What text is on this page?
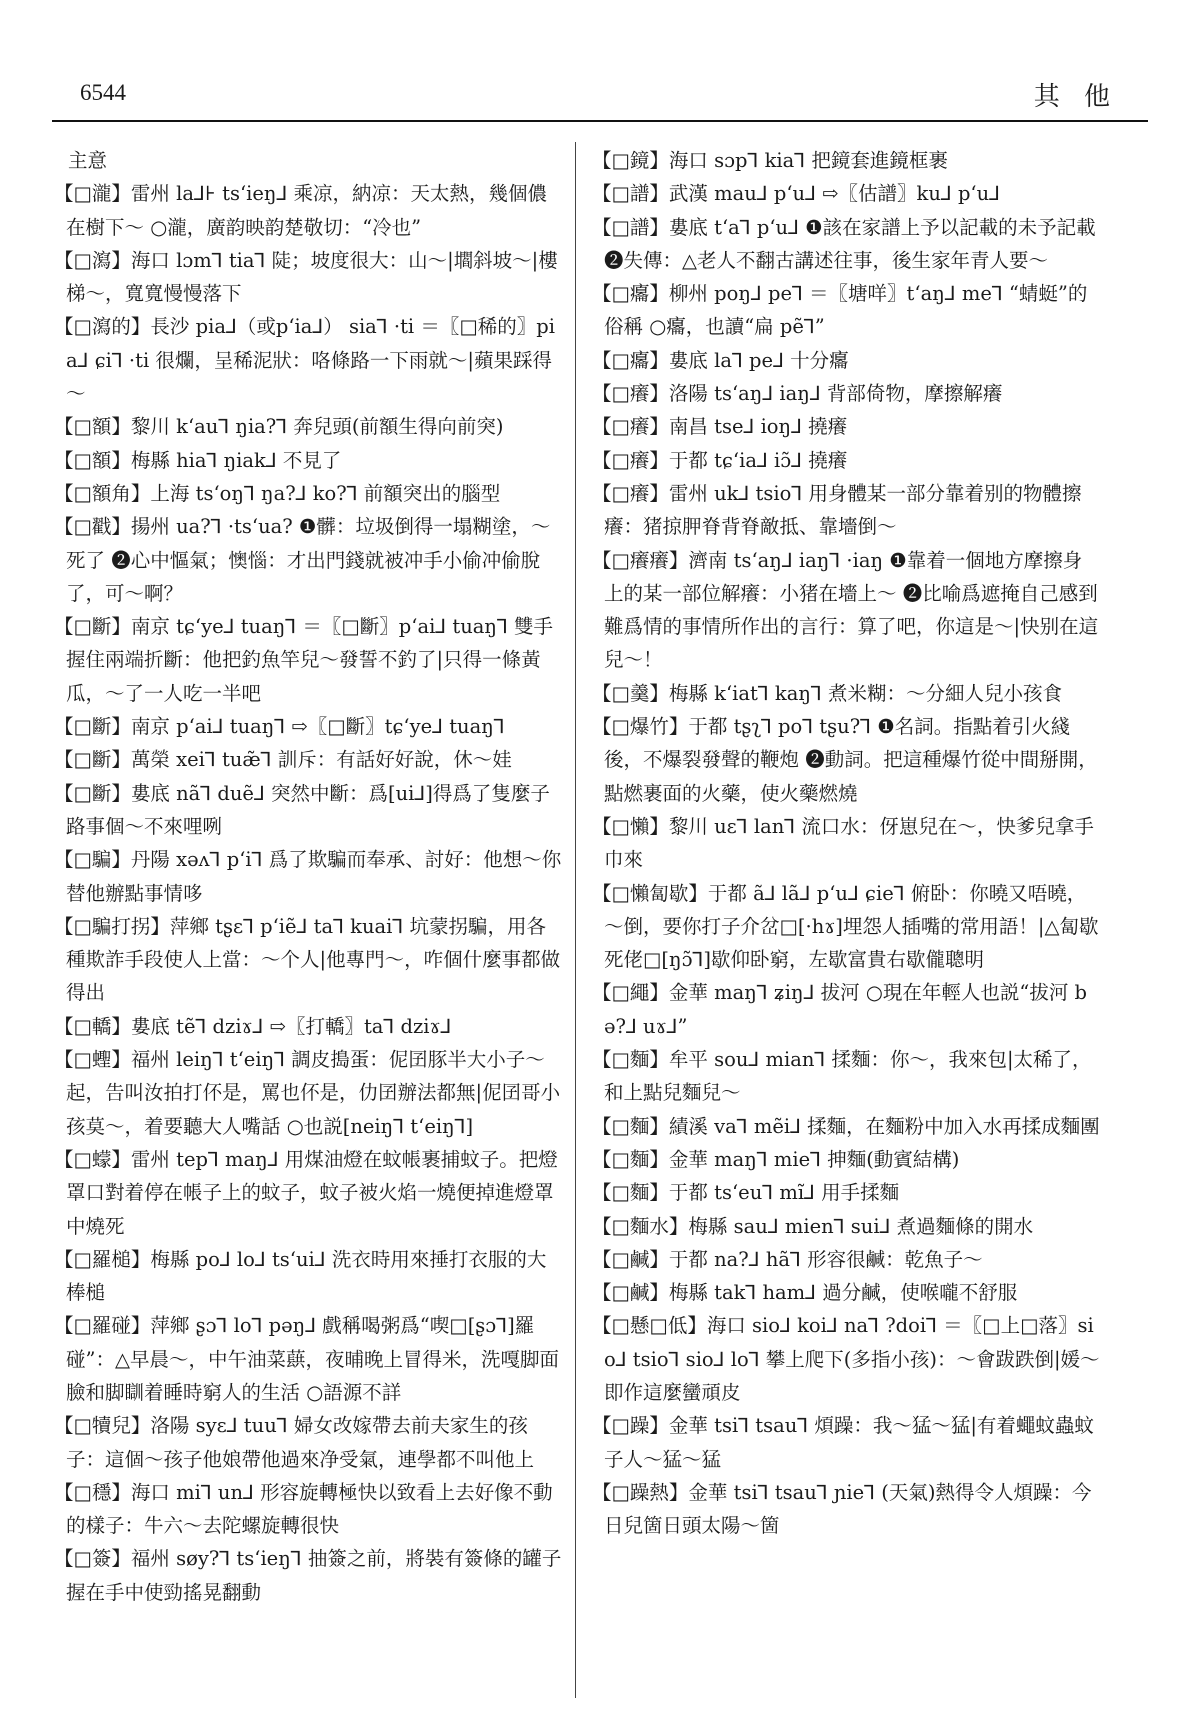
6544	其 他
主意
【□瀧】雷州 la⅃⊦ tsʻieŋ⅃ 乘凉，納凉：天太熱，幾個儂在樹下～ ○瀧，廣韵映韵楚敬切：“冷也”
【□瀉】海口 lɔm⅂ tia⅂ 陡；坡度很大：山～|壛斜坡～|樓梯～，寬寬慢慢落下
【□瀉的】長沙 pia⅃（或pʻia⅃） sia⅂ ·ti ＝〖□稀的〗pia⅃ ɕi⅂ ·ti 很爛，呈稀泥狀：咯條路一下雨就～|蘋果踩得～
【□額】黎川 kʻau⅂ ŋia?⅂ 奔兒頭(前額生得向前突)
【□額】梅縣 hia⅂ ŋiak⅃ 不見了
【□額角】上海 tsʻoŋ⅂ ŋa?⅃ ko?⅂ 前額突出的腦型
【□戳】揚州 ua?⅂ ·tsʻua? ❶髒：垃圾倒得一塌糊塗，～死了 ❷心中慪氣；懊惱：才出門錢就被冲手小偷冲偷脫了，可～啊？
【□斷】南京 tɕʻye⅃ tuaŋ⅂ ＝〖□斷〗pʻai⅃ tuaŋ⅂ 雙手握住兩端折斷：他把釣魚竿兒～發誓不釣了|只得一條黃瓜，～了一人吃一半吧
【□斷】南京 pʻai⅃ tuaŋ⅂ ⇨〖□斷〗tɕʻye⅃ tuaŋ⅂
【□斷】萬榮 xei⅂ tuæ̃⅂ 訓斥：有話好好說，休～娃
【□斷】婁底 nã⅂ duẽ⅃ 突然中斷：爲[ui⅃]得爲了隻麼子路事個～不來哩咧
【□騙】丹陽 xəʌ⅂ pʻi⅂ 爲了欺騙而奉承、討好：他想～你替他辦點事情哆
【□騙打拐】萍鄉 tʂɛ⅂ pʻiẽ⅃ ta⅂ kuai⅂ 坑蒙拐騙，用各種欺詐手段使人上當：～个人|他專門～，咋個什麼事都做得出
【□轎】婁底 tẽ⅂ dziɤ⅃ ⇨〖打轎〗ta⅂ dziɤ⅃
【□蟶】福州 leiŋ⅂ tʻeiŋ⅂ 調皮搗蛋：伲囝豚半大小子～起，告叫汝拍打伓是，罵也伓是，仂囝辦法都無|伲囝哥小孩莫～，着要聽大人嘴話 ○也説[neiŋ⅂ tʻeiŋ⅂]
【□蠓】雷州 tep⅂ maŋ⅃ 用煤油燈在蚊帳裹捕蚊子。把燈罩口對着停在帳子上的蚊子，蚊子被火焰一燒便掉進燈罩中燒死
【□羅槌】梅縣 po⅃ lo⅃ tsʻui⅃ 洗衣時用來捶打衣服的大棒槌
【□羅碰】萍鄉 ʂɔ⅂ lo⅂ pəŋ⅃ 戲稱喝粥爲“喫□[ʂɔ⅂]羅碰”：△早晨～，中午油菜蕻，夜晡晚上冒得米，洗嘎脚面臉和脚瞓着睡時窮人的生活 ○語源不詳
【□犢兒】洛陽 syɛ⅃ tuu⅂ 婦女改嫁帶去前夫家生的孩子：這個～孩子他娘帶他過來净受氣，連學都不叫他上
【□穩】海口 mi⅂ un⅃ 形容旋轉極快以致看上去好像不動的樣子：牛六～去陀螺旋轉很快
【□簽】福州 søy?⅂ tsʻieŋ⅂ 抽簽之前，將裝有簽條的罐子握在手中使勁搖晃翻動
【□鏡】海口 sɔp⅂ kia⅂ 把鏡套進鏡框裹
【□譜】武漢 mau⅃ pʻu⅃ ⇨〖估譜〗ku⅃ pʻu⅃
【□譜】婁底 tʻa⅂ pʻu⅃ ❶該在家譜上予以記載的未予記載 ❷失傳：△老人不翻古講述往事，後生家年青人要～
【□癟】柳州 poŋ⅃ pe⅂ ＝〖塘咩〗tʻaŋ⅃ me⅂ “蜻蜓”的俗稱 ○癟，也讀“扁 pẽ⅂”
【□癟】婁底 la⅂ pe⅃ 十分癟
【□癢】洛陽 tsʻaŋ⅃ iaŋ⅃ 背部倚物，摩擦解癢
【□癢】南昌 tse⅃ ioŋ⅃ 撓癢
【□癢】于都 tɕʻia⅃ iɔ̃⅃ 撓癢
【□癢】雷州 uk⅃ tsio⅂ 用身體某一部分靠着别的物體擦癢：猪掠胛脊背脊敵抵、靠墻倒～
【□癢癢】濟南 tsʻaŋ⅃ iaŋ⅂ ·iaŋ ❶靠着一個地方摩擦身上的某一部位解癢：小猪在墻上～ ❷比喻爲遮掩自己感到難爲情的事情所作出的言行：算了吧，你這是～|快别在這兒～！
【□羹】梅縣 kʻiat⅂ kaŋ⅂ 煮米糊：～分細人兒小孩食
【□爆竹】于都 tʂʅ⅂ po⅂ tʂu?⅂ ❶名詞。指點着引火綫後，不爆裂發聲的鞭炮 ❷動詞。把這種爆竹從中間掰開，點燃裹面的火藥，使火藥燃燒
【□懶】黎川 uɛ⅂ lan⅂ 流口水：伢崽兒在～，快爹兒拿手巾來
【□懶匐歇】于都 ã⅃ lã⅃ pʻu⅃ ɕie⅂ 俯卧：你曉又唔曉，～倒，要你打子介岔□[·hɤ]埋怨人插嘴的常用語！|△匐歇死佬□[ŋɔ̃⅂]歇仰卧窮，左歇富貴右歇儱聰明
【□繩】金華 maŋ⅂ ʑiŋ⅃ 拔河 ○現在年輕人也説“拔河 bə?⅃ uɤ⅃”
【□麵】牟平 sou⅃ mian⅂ 揉麵：你～，我來包|太稀了，和上點兒麵兒～
【□麵】績溪 va⅂ mẽi⅃ 揉麵，在麵粉中加入水再揉成麵團
【□麵】金華 maŋ⅂ mie⅂ 抻麵(動賓結構)
【□麵】于都 tsʻeu⅂ mĩ⅃ 用手揉麵
【□麵水】梅縣 sau⅃ mien⅂ sui⅃ 煮過麵條的開水
【□鹹】于都 na?⅃ hã⅂ 形容很鹹：乾魚子～
【□鹹】梅縣 tak⅂ ham⅃ 過分鹹，使喉嚨不舒服
【□懸□低】海口 sio⅃ koi⅃ na⅂ ?doi⅂ ＝〖□上□落〗sio⅃ tsio⅂ sio⅃ lo⅂ 攀上爬下(多指小孩)：～會跋跌倒|媛～即作這麼蠻頑皮
【□躁】金華 tsi⅂ tsau⅂ 煩躁：我～猛～猛|有着蠅蚊蟲蚊子人～猛～猛
【□躁熱】金華 tsi⅂ tsau⅂ ɲie⅂ (天氣)熱得令人煩躁：今日兒箇日頭太陽～箇
